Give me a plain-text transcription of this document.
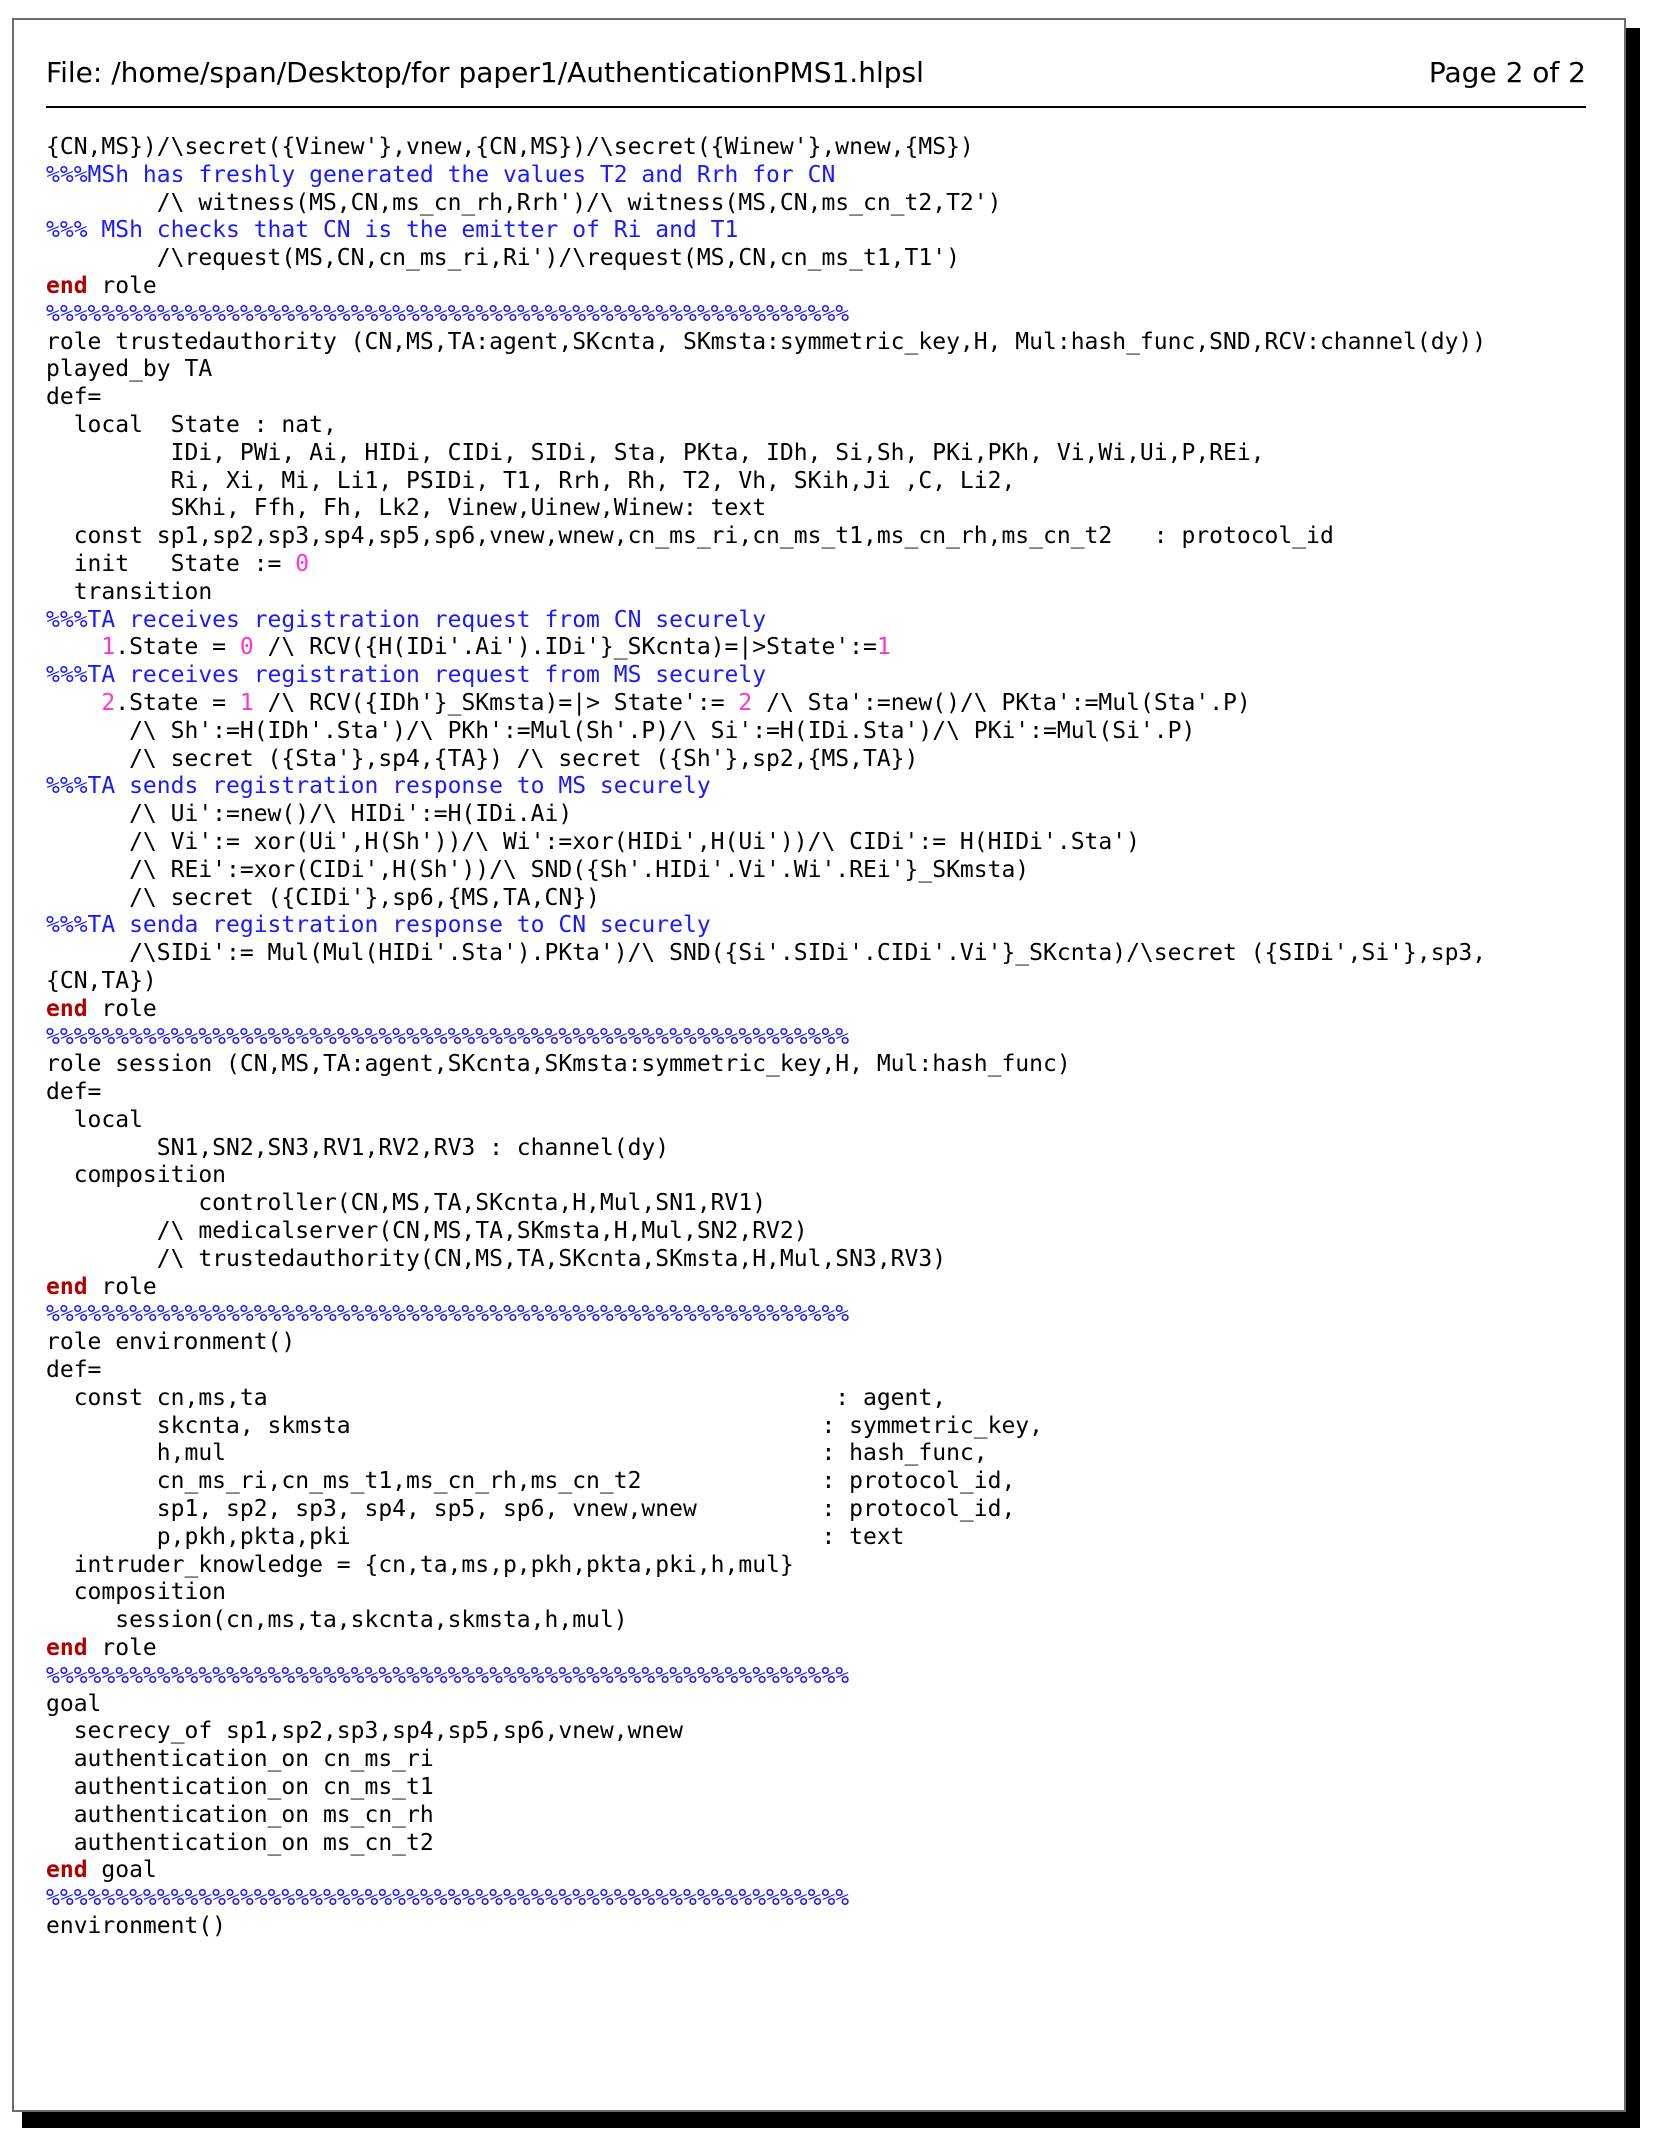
File: /home/span/Desktop/for paper1/AuthenticationPMS1.hlpsl	Page 2 of 2
{CN,MS})/\secret({Vinew'},vnew,{CN,MS})/\secret({Winew'},wnew,{MS})
%%%MSh has freshly generated the values T2 and Rrh for CN
/\ witness(MS,CN,ms_cn_rh,Rrh')/\ witness(MS,CN,ms_cn_t2,T2')
%%% MSh checks that CN is the emitter of Ri and T1
/\request(MS,CN,cn_ms_ri,Ri')/\request(MS,CN,cn_ms_t1,T1')
end role
%%%%%%%%%%%%%%%%%%%%%%%%%%%%%%%%%%%%%%%%%%%%%%%%%%%%%%%%%%
role trustedauthority (CN,MS,TA:agent,SKcnta, SKmsta:symmetric_key,H, Mul:hash_func,SND,RCV:channel(dy))
played_by TA
def=
local  State : nat,
IDi, PWi, Ai, HIDi, CIDi, SIDi, Sta, PKta, IDh, Si,Sh, PKi,PKh, Vi,Wi,Ui,P,REi,
Ri, Xi, Mi, Li1, PSIDi, T1, Rrh, Rh, T2, Vh, SKih,Ji ,C, Li2,
SKhi, Ffh, Fh, Lk2, Vinew,Uinew,Winew: text
const sp1,sp2,sp3,sp4,sp5,sp6,vnew,wnew,cn_ms_ri,cn_ms_t1,ms_cn_rh,ms_cn_t2   : protocol_id
init   State := 0
transition
%%%TA receives registration request from CN securely
1.State = 0 /\ RCV({H(IDi'.Ai').IDi'}_SKcnta)=|>State':=1
%%%TA receives registration request from MS securely
2.State = 1 /\ RCV({IDh'}_SKmsta)=|> State':= 2 /\ Sta':=new()/\ PKta':=Mul(Sta'.P)
/\ Sh':=H(IDh'.Sta')/\ PKh':=Mul(Sh'.P)/\ Si':=H(IDi.Sta')/\ PKi':=Mul(Si'.P)
/\ secret ({Sta'},sp4,{TA}) /\ secret ({Sh'},sp2,{MS,TA})
%%%TA sends registration response to MS securely
/\ Ui':=new()/\ HIDi':=H(IDi.Ai)
/\ Vi':= xor(Ui',H(Sh'))/\ Wi':=xor(HIDi',H(Ui'))/\ CIDi':= H(HIDi'.Sta')
/\ REi':=xor(CIDi',H(Sh'))/\ SND({Sh'.HIDi'.Vi'.Wi'.REi'}_SKmsta)
/\ secret ({CIDi'},sp6,{MS,TA,CN})
%%%TA senda registration response to CN securely
/\SIDi':= Mul(Mul(HIDi'.Sta').PKta')/\ SND({Si'.SIDi'.CIDi'.Vi'}_SKcnta)/\secret ({SIDi',Si'},sp3,
{CN,TA})
end role
%%%%%%%%%%%%%%%%%%%%%%%%%%%%%%%%%%%%%%%%%%%%%%%%%%%%%%%%%%
role session (CN,MS,TA:agent,SKcnta,SKmsta:symmetric_key,H, Mul:hash_func)
def=
local
SN1,SN2,SN3,RV1,RV2,RV3 : channel(dy)
composition
controller(CN,MS,TA,SKcnta,H,Mul,SN1,RV1)
/\ medicalserver(CN,MS,TA,SKmsta,H,Mul,SN2,RV2)
/\ trustedauthority(CN,MS,TA,SKcnta,SKmsta,H,Mul,SN3,RV3)
end role
%%%%%%%%%%%%%%%%%%%%%%%%%%%%%%%%%%%%%%%%%%%%%%%%%%%%%%%%%%
role environment()
def=
const cn,ms,ta                                         : agent,
skcnta, skmsta                                  : symmetric_key,
h,mul                                           : hash_func,
cn_ms_ri,cn_ms_t1,ms_cn_rh,ms_cn_t2             : protocol_id,
sp1, sp2, sp3, sp4, sp5, sp6, vnew,wnew         : protocol_id,
p,pkh,pkta,pki                                  : text
intruder_knowledge = {cn,ta,ms,p,pkh,pkta,pki,h,mul}
composition
session(cn,ms,ta,skcnta,skmsta,h,mul)
end role
%%%%%%%%%%%%%%%%%%%%%%%%%%%%%%%%%%%%%%%%%%%%%%%%%%%%%%%%%%
goal
secrecy_of sp1,sp2,sp3,sp4,sp5,sp6,vnew,wnew
authentication_on cn_ms_ri
authentication_on cn_ms_t1
authentication_on ms_cn_rh
authentication_on ms_cn_t2
end goal
%%%%%%%%%%%%%%%%%%%%%%%%%%%%%%%%%%%%%%%%%%%%%%%%%%%%%%%%%%
environment()
